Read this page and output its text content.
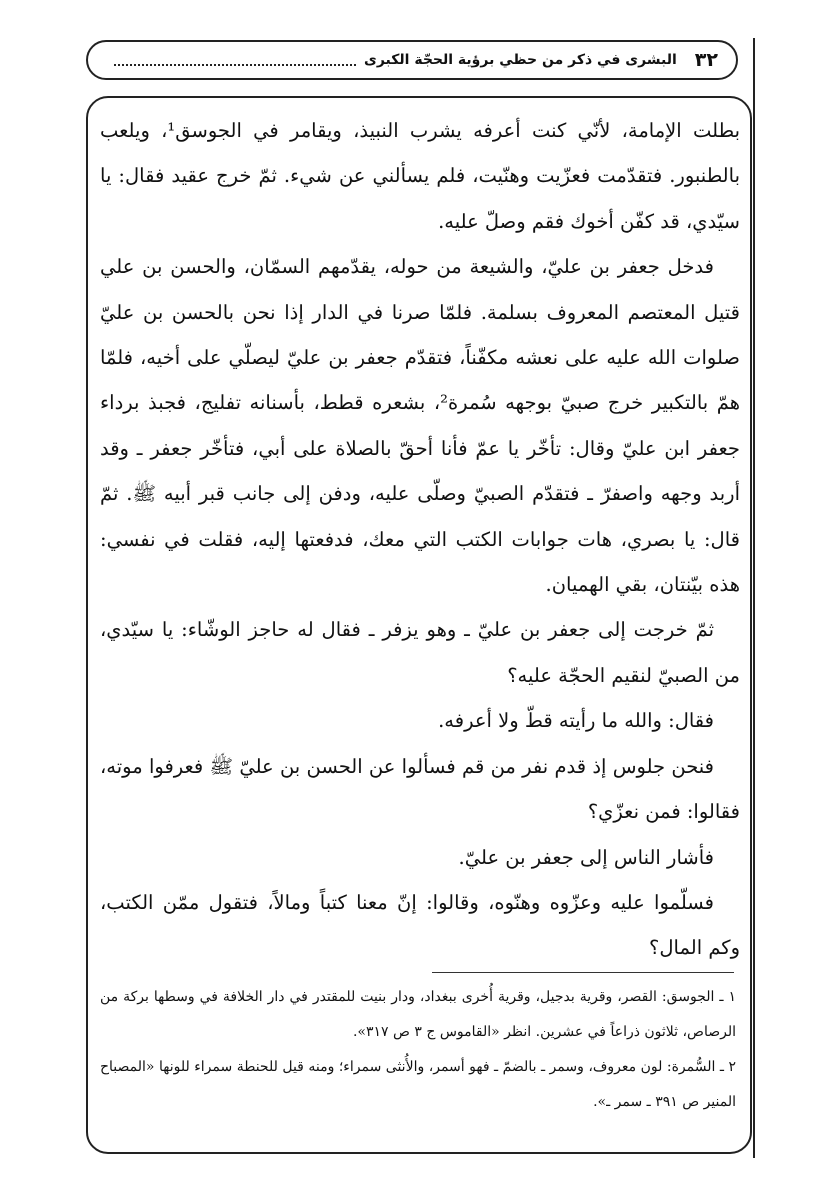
٣٢
البشرى في ذكر من حظي برؤية الحجّة الكبرى

بطلت الإمامة، لأنّي كنت أعرفه يشرب النبيذ، ويقامر في الجوسق¹، ويلعب بالطنبور. فتقدّمت فعزّيت وهنّيت، فلم يسألني عن شيء. ثمّ خرج عقيد فقال: يا سيّدي، قد كفّن أخوك فقم وصلّ عليه.

فدخل جعفر بن عليّ، والشيعة من حوله، يقدّمهم السمّان، والحسن بن علي قتيل المعتصم المعروف بسلمة. فلمّا صرنا في الدار إذا نحن بالحسن بن عليّ صلوات الله عليه على نعشه مكفّناً، فتقدّم جعفر بن عليّ ليصلّي على أخيه، فلمّا همّ بالتكبير خرج صبيّ بوجهه سُمرة²، بشعره قطط، بأسنانه تفليج، فجبذ برداء جعفر ابن عليّ وقال: تأخّر يا عمّ فأنا أحقّ بالصلاة على أبي، فتأخّر جعفر ـ وقد أربد وجهه واصفرّ ـ فتقدّم الصبيّ وصلّى عليه، ودفن إلى جانب قبر أبيه ﷺ. ثمّ قال: يا بصري، هات جوابات الكتب التي معك، فدفعتها إليه، فقلت في نفسي: هذه بيّنتان، بقي الهميان.

ثمّ خرجت إلى جعفر بن عليّ ـ وهو يزفر ـ فقال له حاجز الوشّاء: يا سيّدي، من الصبيّ لنقيم الحجّة عليه؟

فقال: والله ما رأيته قطّ ولا أعرفه.

فنحن جلوس إذ قدم نفر من قم فسألوا عن الحسن بن عليّ ﷺ فعرفوا موته، فقالوا: فمن نعزّي؟

فأشار الناس إلى جعفر بن عليّ.

فسلّموا عليه وعزّوه وهنّوه، وقالوا: إنّ معنا كتباً ومالاً، فتقول ممّن الكتب، وكم المال؟

١ ـ الجوسق: القصر، وقرية بدجيل، وقرية أُخرى ببغداد، ودار بنيت للمقتدر في دار الخلافة في وسطها بركة من الرصاص، ثلاثون ذراعاً في عشرين. انظر «القاموس ج ٣ ص ٣١٧».

٢ ـ السُّمرة: لون معروف، وسمر ـ بالضمّ ـ فهو أسمر، والأُنثى سمراء؛ ومنه قيل للحنطة سمراء للونها «المصباح المنير ص ٣٩١ ـ سمر ـ».
